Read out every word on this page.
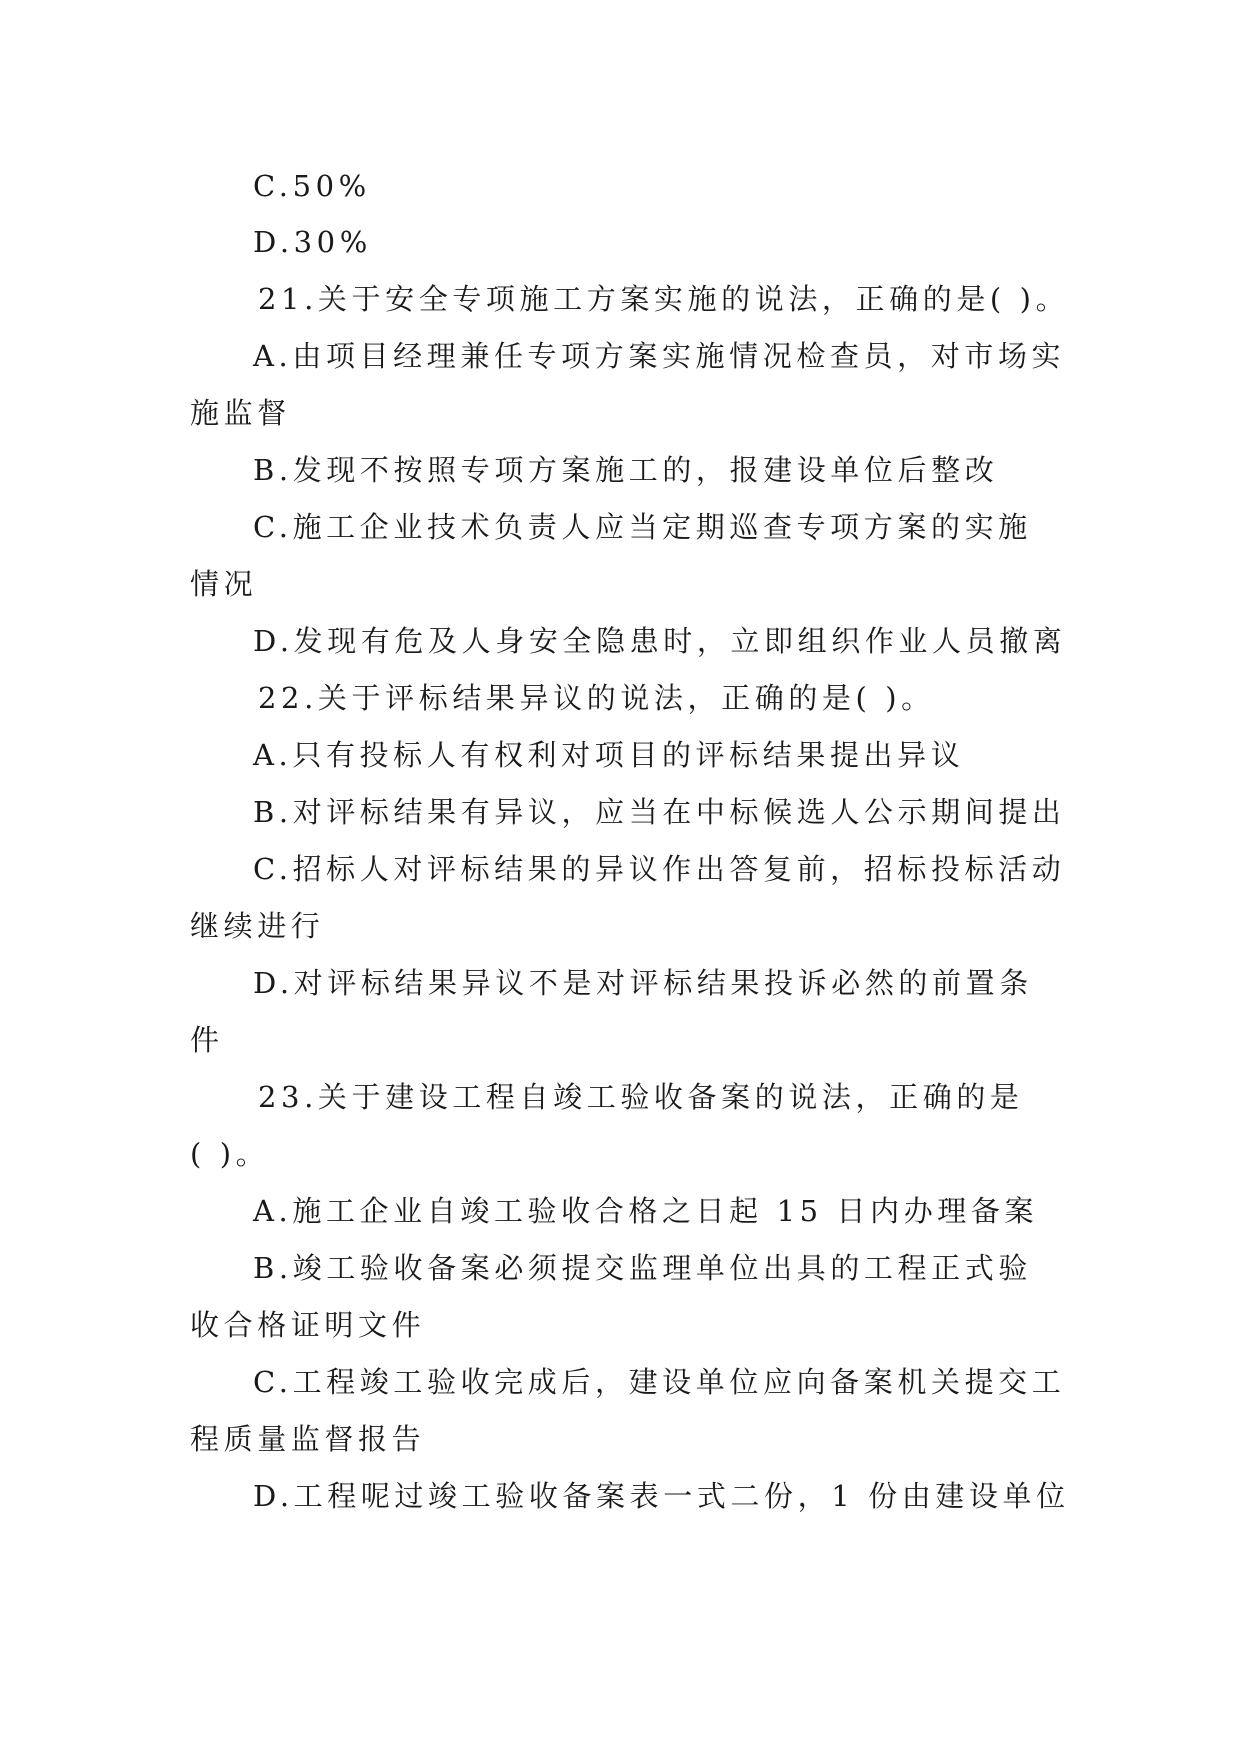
C.50%
D.30%
21.关于安全专项施工方案实施的说法，正确的是( )。
A.由项目经理兼任专项方案实施情况检查员，对市场实
施监督
B.发现不按照专项方案施工的，报建设单位后整改
C.施工企业技术负责人应当定期巡查专项方案的实施
情况
D.发现有危及人身安全隐患时，立即组织作业人员撤离
22.关于评标结果异议的说法，正确的是( )。
A.只有投标人有权利对项目的评标结果提出异议
B.对评标结果有异议，应当在中标候选人公示期间提出
C.招标人对评标结果的异议作出答复前，招标投标活动
继续进行
D.对评标结果异议不是对评标结果投诉必然的前置条
件
23.关于建设工程自竣工验收备案的说法，正确的是
( )。
A.施工企业自竣工验收合格之日起 15 日内办理备案
B.竣工验收备案必须提交监理单位出具的工程正式验
收合格证明文件
C.工程竣工验收完成后，建设单位应向备案机关提交工
程质量监督报告
D.工程呢过竣工验收备案表一式二份，1 份由建设单位
